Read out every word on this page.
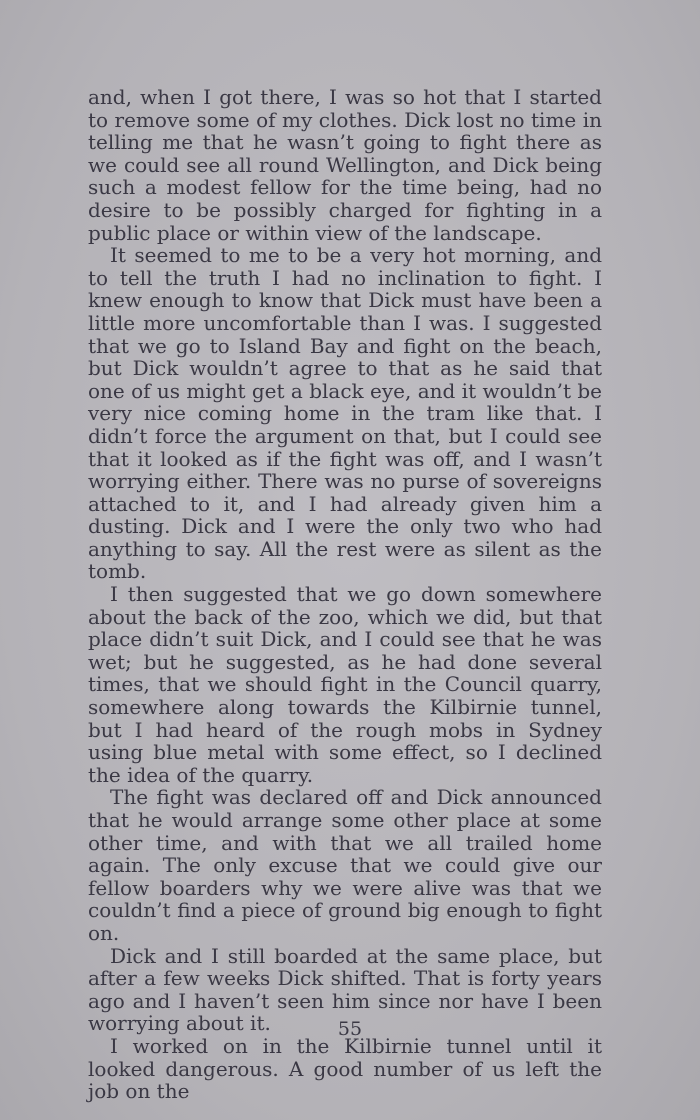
and, when I got there, I was so hot that I started to remove some of my clothes. Dick lost no time in telling me that he wasn’t going to fight there as we could see all round Wellington, and Dick being such a modest fellow for the time being, had no desire to be possibly charged for fighting in a public place or within view of the landscape.

It seemed to me to be a very hot morning, and to tell the truth I had no inclination to fight. I knew enough to know that Dick must have been a little more uncomfortable than I was. I suggested that we go to Island Bay and fight on the beach, but Dick wouldn’t agree to that as he said that one of us might get a black eye, and it wouldn’t be very nice coming home in the tram like that. I didn’t force the argument on that, but I could see that it looked as if the fight was off, and I wasn’t worrying either. There was no purse of sovereigns attached to it, and I had already given him a dusting. Dick and I were the only two who had anything to say. All the rest were as silent as the tomb.

I then suggested that we go down somewhere about the back of the zoo, which we did, but that place didn’t suit Dick, and I could see that he was wet; but he suggested, as he had done several times, that we should fight in the Council quarry, somewhere along towards the Kilbirnie tunnel, but I had heard of the rough mobs in Sydney using blue metal with some effect, so I declined the idea of the quarry.

The fight was declared off and Dick announced that he would arrange some other place at some other time, and with that we all trailed home again. The only excuse that we could give our fellow boarders why we were alive was that we couldn’t find a piece of ground big enough to fight on.

Dick and I still boarded at the same place, but after a few weeks Dick shifted. That is forty years ago and I haven’t seen him since nor have I been worrying about it.

I worked on in the Kilbirnie tunnel until it looked dangerous. A good number of us left the job on the

55
